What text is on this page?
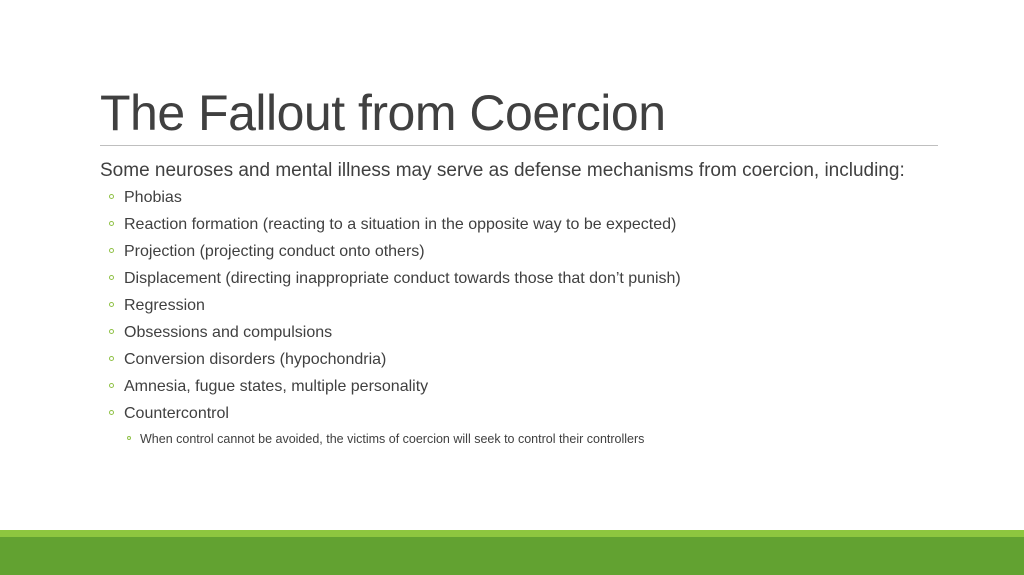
The Fallout from Coercion

Some neuroses and mental illness may serve as defense mechanisms from coercion, including:

Phobias
Reaction formation (reacting to a situation in the opposite way to be expected)
Projection (projecting conduct onto others)
Displacement (directing inappropriate conduct towards those that don’t punish)
Regression
Obsessions and compulsions
Conversion disorders (hypochondria)
Amnesia, fugue states, multiple personality
Countercontrol
When control cannot be avoided, the victims of coercion will seek to control their controllers
